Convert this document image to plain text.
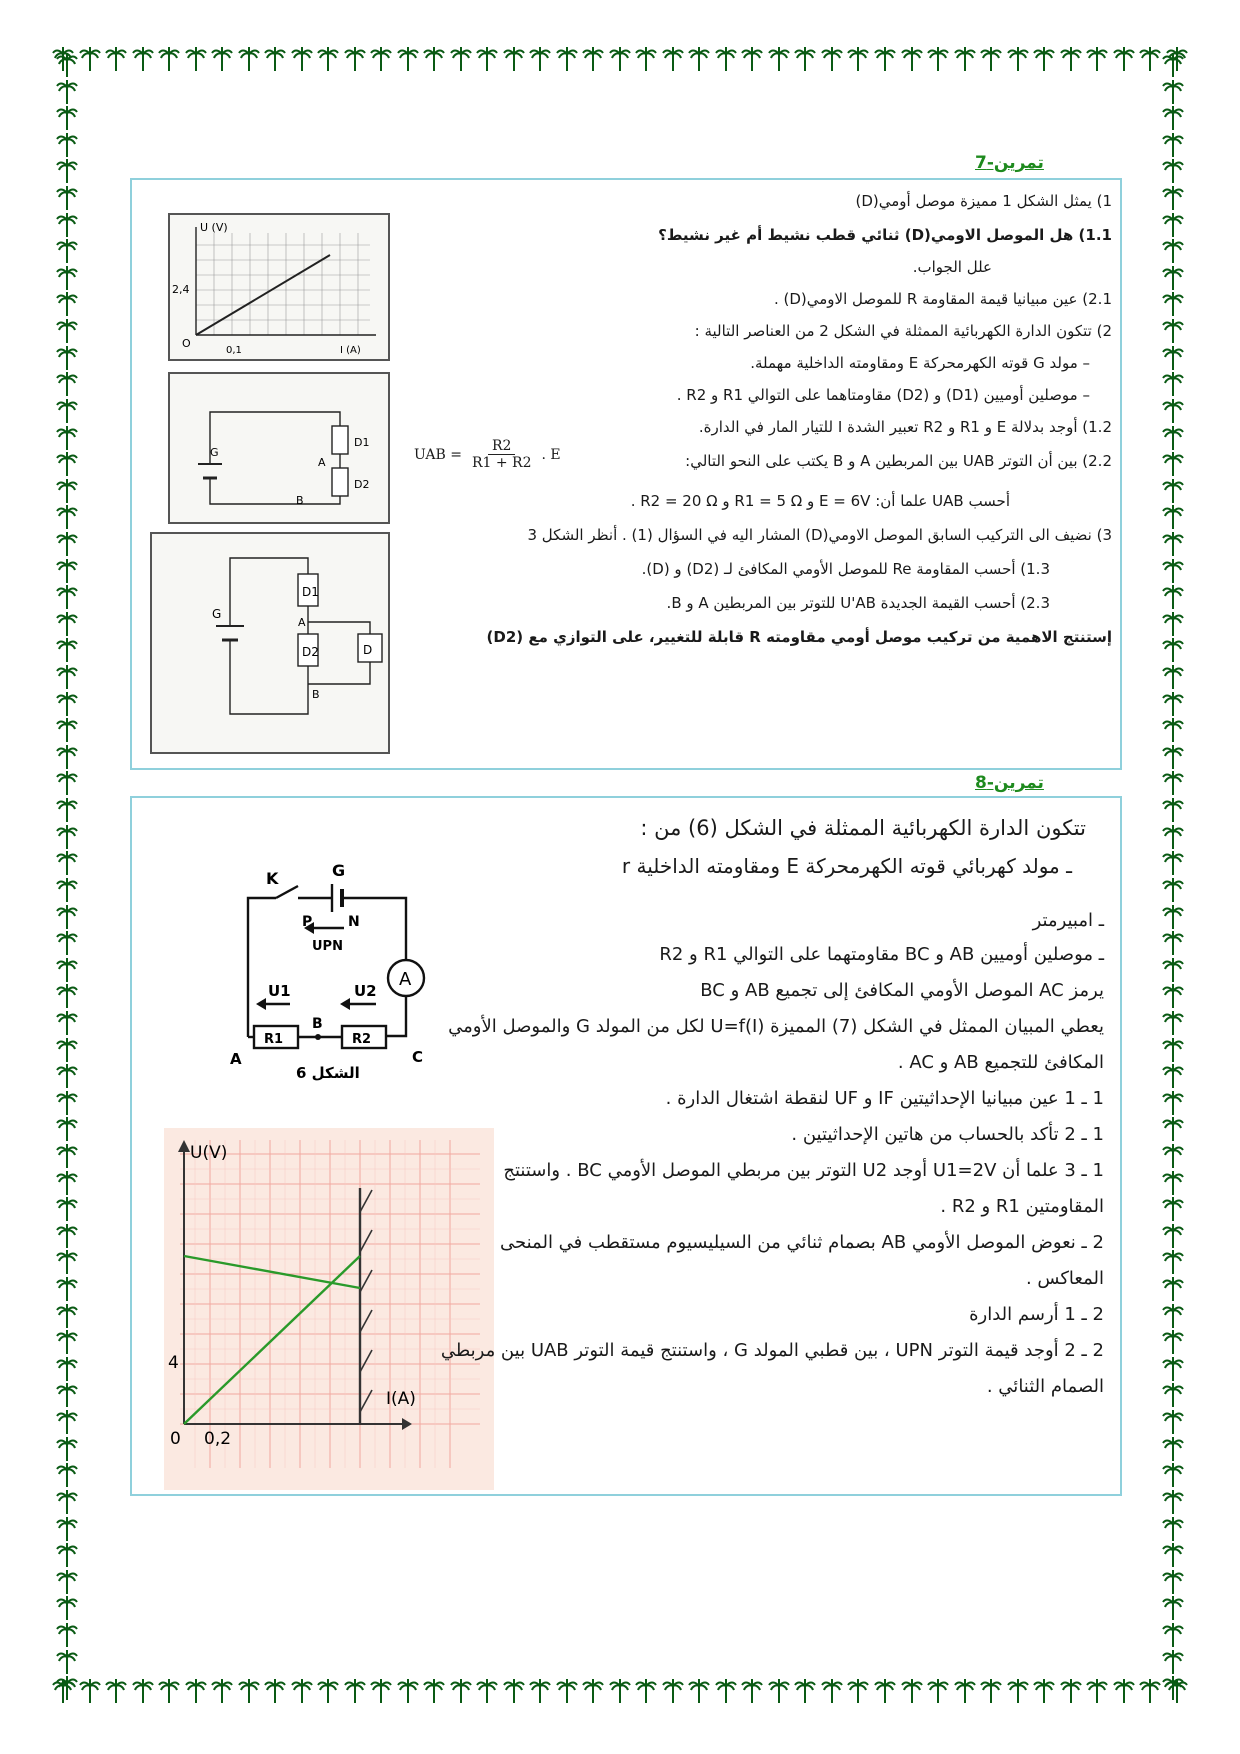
تمرين-7
U (V)
2,4
O
0,1	I (A)
G
D1
D2
A
B
G
D1
D2	D
A
B
1) يمثل الشكل 1 مميزة موصل أومي(D)
1.1) هل الموصل الاومي(D) ثنائي قطب نشيط أم غير نشيط؟
علل الجواب.
2.1) عين مبيانيا قيمة المقاومة R للموصل الاومي(D) .
2) تتكون الدارة الكهربائية الممثلة في الشكل 2 من العناصر التالية :
– مولد G قوته الكهرمحركة E ومقاومته الداخلية مهملة.
– موصلين أوميين (D1) و (D2) مقاومتاهما على التوالي R1 و R2 .
1.2) أوجد بدلالة E و R1 و R2 تعبير الشدة I للتيار المار في الدارة.
2.2) بين أن التوتر UAB بين المربطين A و B يكتب على النحو التالي:
UAB = $\frac{R2}{R1 + R2}$ . E
أحسب UAB علما أن: E = 6V و R1 = 5 Ω و R2 = 20 Ω .
3) نضيف الى التركيب السابق الموصل الاومي(D) المشار اليه في السؤال (1) . أنظر الشكل 3
1.3) أحسب المقاومة Re للموصل الأومي المكافئ لـ (D2) و (D).
2.3) أحسب القيمة الجديدة U'AB للتوتر بين المربطين A و B.
إستنتج الاهمية من تركيب موصل أومي مقاومته R قابلة للتغيير، على التوازي مع (D2)
تمرين-8
A
K	G
P	N
UPN
U1	U2
R1	R2
A
B
C
الشكل 6
U(V)
4
0 0,2
I(A)
تتكون الدارة الكهربائية الممثلة في الشكل (6) من :
ـ مولد كهربائي قوته الكهرمحركة E ومقاومته الداخلية r
ـ امبيرمتر
ـ موصلين أوميين AB و BC مقاومتهما على التوالي R1 و R2
يرمز AC الموصل الأومي المكافئ إلى تجميع AB و BC
يعطي المبيان الممثل في الشكل (7) المميزة U=f(I) لكل من المولد G والموصل الأومي
المكافئ للتجميع AB و AC .
1 ـ 1 عين مبيانيا الإحداثيتين IF و UF لنقطة اشتغال الدارة .
1 ـ 2 تأكد بالحساب من هاتين الإحداثيتين .
1 ـ 3 علما أن U1=2V أوجد U2 التوتر بين مربطي الموصل الأومي BC . واستنتج
المقاومتين R1 و R2 .
2 ـ نعوض الموصل الأومي AB بصمام ثنائي من السيليسيوم مستقطب في المنحى
المعاكس .
2 ـ 1 أرسم الدارة
2 ـ 2 أوجد قيمة التوتر UPN ، بين قطبي المولد G ، واستنتج قيمة التوتر UAB بين مربطي
الصمام الثنائي .
